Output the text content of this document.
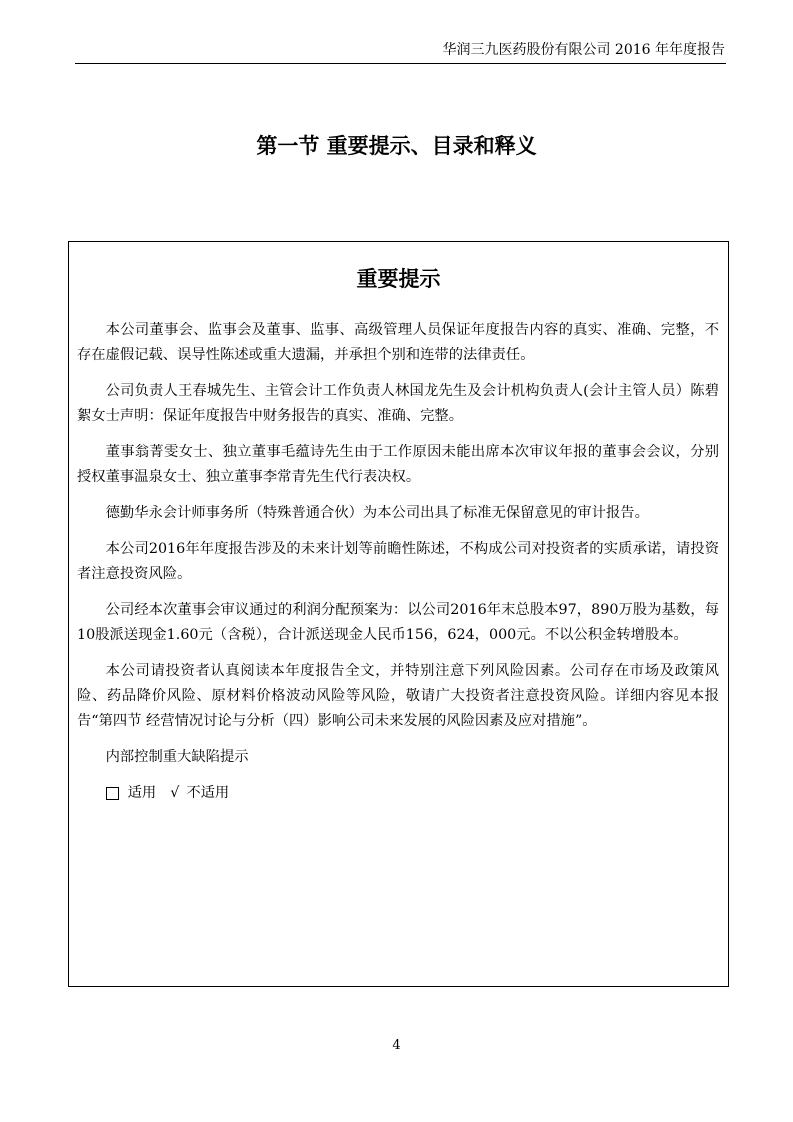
华润三九医药股份有限公司 2016 年年度报告
第一节 重要提示、目录和释义
重要提示

本公司董事会、监事会及董事、监事、高级管理人员保证年度报告内容的真实、准确、完整，不存在虚假记载、误导性陈述或重大遗漏，并承担个别和连带的法律责任。

公司负责人王春城先生、主管会计工作负责人林国龙先生及会计机构负责人(会计主管人员）陈碧絮女士声明：保证年度报告中财务报告的真实、准确、完整。

董事翁菁雯女士、独立董事毛蕴诗先生由于工作原因未能出席本次审议年报的董事会会议，分别授权董事温泉女士、独立董事李常青先生代行表决权。

德勤华永会计师事务所（特殊普通合伙）为本公司出具了标准无保留意见的审计报告。

本公司2016年年度报告涉及的未来计划等前瞻性陈述，不构成公司对投资者的实质承诺，请投资者注意投资风险。

公司经本次董事会审议通过的利润分配预案为：以公司2016年末总股本97，890万股为基数，每10股派送现金1.60元（含税），合计派送现金人民币156，624，000元。不以公积金转增股本。

本公司请投资者认真阅读本年度报告全文，并特别注意下列风险因素。公司存在市场及政策风险、药品降价风险、原材料价格波动风险等风险，敬请广大投资者注意投资风险。详细内容见本报告“第四节 经营情况讨论与分析（四）影响公司未来发展的风险因素及应对措施”。

内部控制重大缺陷提示

适用 √ 不适用
4
